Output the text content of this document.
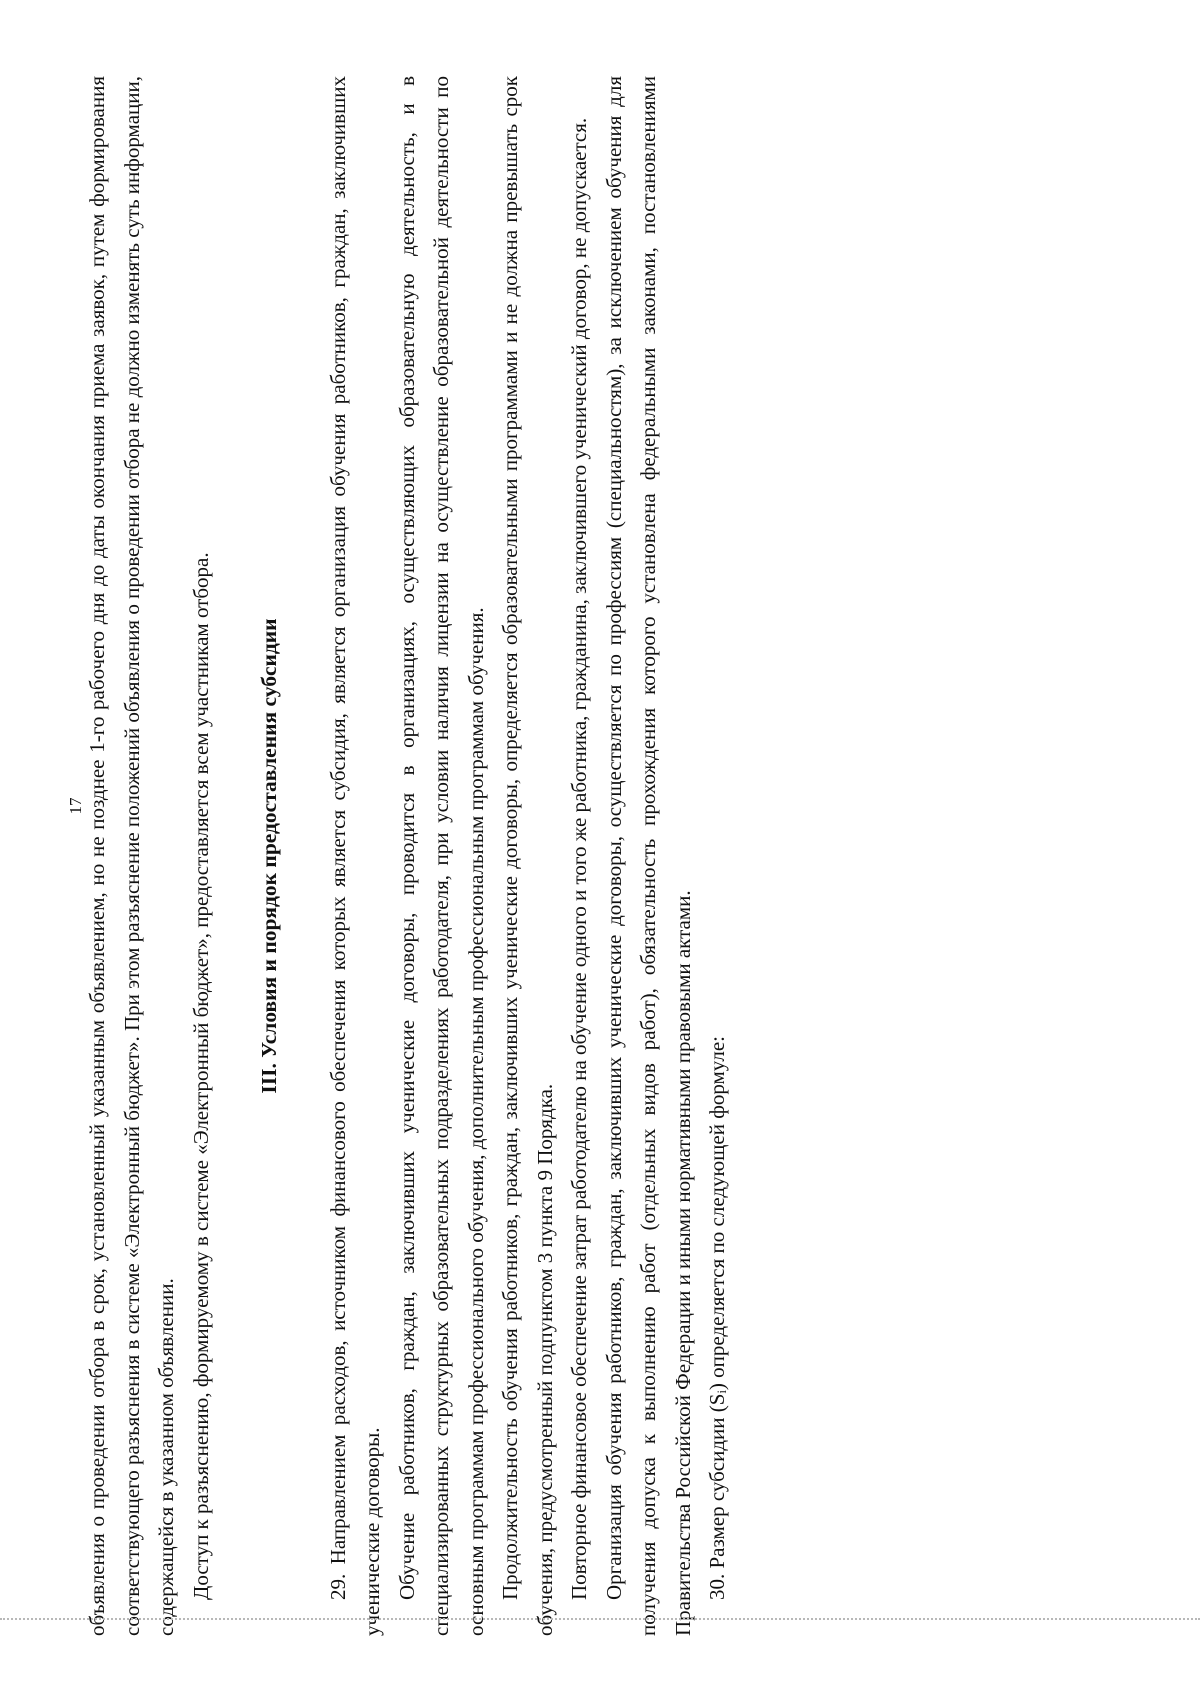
17 объявления о проведении отбора в срок, установленный указанным объявлением, но не позднее 1-го рабочего дня до даты окончания приема заявок, путем формирования соответствующего разъяснения в системе «Электронный бюджет». При этом разъяснение положений объявления о проведении отбора не должно изменять суть информации, содержащейся в указанном объявлении. Доступ к разъяснению, формируемому в системе «Электронный бюджет», предоставляется всем участникам отбора. III. Условия и порядок предоставления субсидии 29. Направлением расходов, источником финансового обеспечения которых является субсидия, является организация обучения работников, граждан, заключивших ученические договоры. Обучение работников, граждан, заключивших ученические договоры, проводится в организациях, осуществляющих образовательную деятельность, и в специализированных структурных образовательных подразделениях работодателя, при условии наличия лицензии на осуществление образовательной деятельности по основным программам профессионального обучения, дополнительным профессиональным программам обучения. Продолжительность обучения работников, граждан, заключивших ученические договоры, определяется образовательными программами и не должна превышать срок обучения, предусмотренный подпунктом 3 пункта 9 Порядка. Повторное финансовое обеспечение затрат работодателю на обучение одного и того же работника, гражданина, заключившего ученический договор, не допускается. Организация обучения работников, граждан, заключивших ученические договоры, осуществляется по профессиям (специальностям), за исключением обучения для получения допуска к выполнению работ (отдельных видов работ), обязательность прохождения которого установлена федеральными законами, постановлениями Правительства Российской Федерации и иными нормативными правовыми актами. 30. Размер субсидии (Sᵢ) определяется по следующей формуле:
